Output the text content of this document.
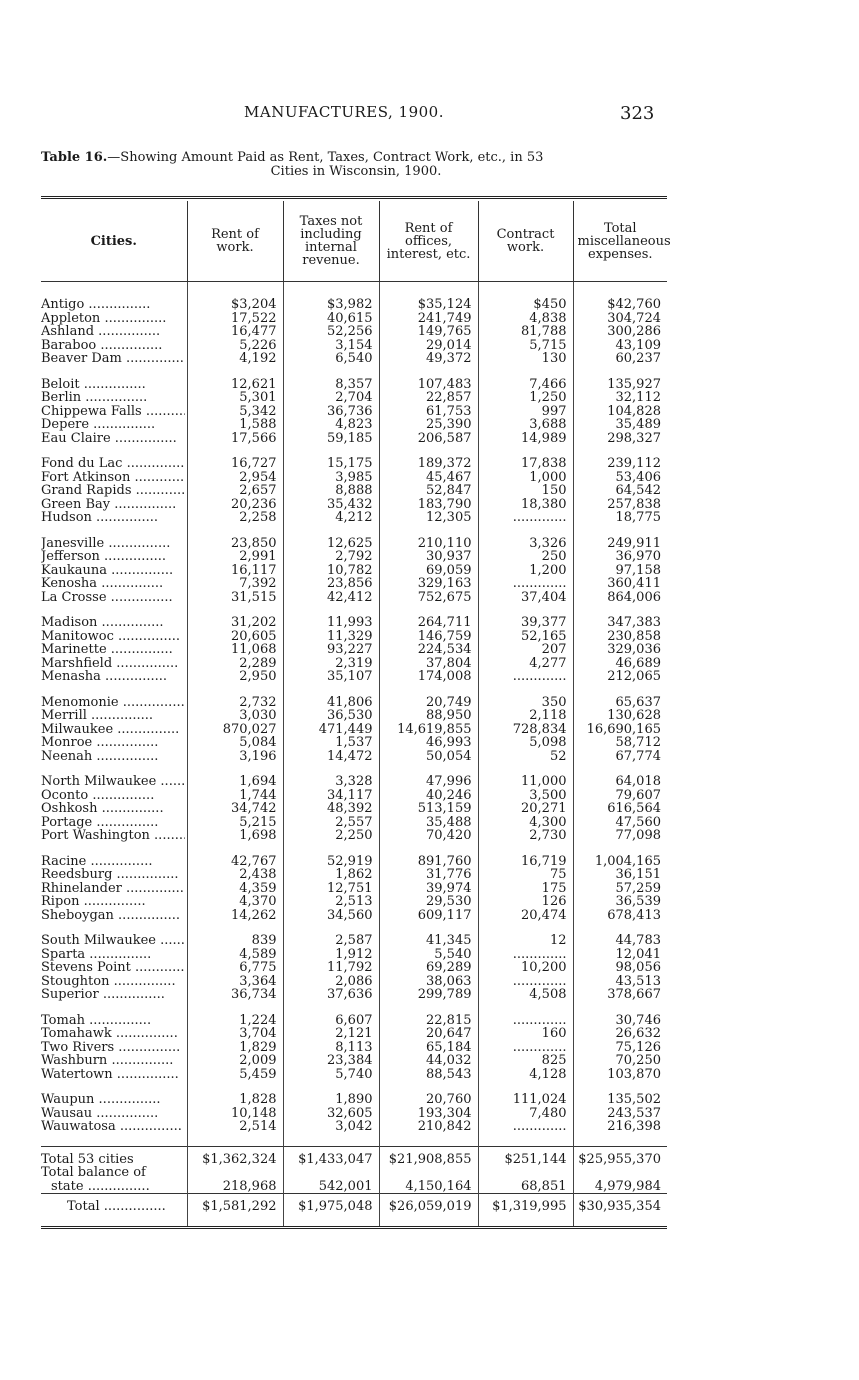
MANUFACTURES, 1900.	323
Table 16.—Showing Amount Paid as Rent, Taxes, Contract Work, etc., in 53
Cities in Wisconsin, 1900.

Cities.	Rent of work.	Taxes not including internal revenue.	Rent of offices, interest, etc.	Contract work.	Total miscellaneous expenses.

Antigo .....	$3,204	$3,982	$35,124	$450	$42,760

Appleton .....	17,522	40,615	241,749	4,838	304,724

Ashland .....	16,477	52,256	149,765	81,788	300,286

Baraboo .....	5,226	3,154	29,014	5,715	43,109

Beaver Dam .....	4,192	6,540	49,372	130	60,237

Beloit .....	12,621	8,357	107,483	7,466	135,927

Berlin .....	5,301	2,704	22,857	1,250	32,112

Chippewa Falls .....	5,342	36,736	61,753	997	104,828

Depere .....	1,588	4,823	25,390	3,688	35,489

Eau Claire .....	17,566	59,185	206,587	14,989	298,327

Fond du Lac .....	16,727	15,175	189,372	17,838	239,112

Fort Atkinson .....	2,954	3,985	45,467	1,000	53,406

Grand Rapids .....	2,657	8,888	52,847	150	64,542

Green Bay .....	20,236	35,432	183,790	18,380	257,838

Hudson .....	2,258	4,212	12,305	.............	18,775

Janesville .....	23,850	12,625	210,110	3,326	249,911

Jefferson .....	2,991	2,792	30,937	250	36,970

Kaukauna .....	16,117	10,782	69,059	1,200	97,158

Kenosha .....	7,392	23,856	329,163	.............	360,411

La Crosse .....	31,515	42,412	752,675	37,404	864,006

Madison .....	31,202	11,993	264,711	39,377	347,383

Manitowoc .....	20,605	11,329	146,759	52,165	230,858

Marinette .....	11,068	93,227	224,534	207	329,036

Marshfield .....	2,289	2,319	37,804	4,277	46,689

Menasha .....	2,950	35,107	174,008	.............	212,065

Menomonie .....	2,732	41,806	20,749	350	65,637

Merrill .....	3,030	36,530	88,950	2,118	130,628

Milwaukee .....	870,027	471,449	14,619,855	728,834	16,690,165

Monroe .....	5,084	1,537	46,993	5,098	58,712

Neenah .....	3,196	14,472	50,054	52	67,774

North Milwaukee .....	1,694	3,328	47,996	11,000	64,018

Oconto .....	1,744	34,117	40,246	3,500	79,607

Oshkosh .....	34,742	48,392	513,159	20,271	616,564

Portage .....	5,215	2,557	35,488	4,300	47,560

Port Washington .....	1,698	2,250	70,420	2,730	77,098

Racine .....	42,767	52,919	891,760	16,719	1,004,165

Reedsburg .....	2,438	1,862	31,776	75	36,151

Rhinelander .....	4,359	12,751	39,974	175	57,259

Ripon .....	4,370	2,513	29,530	126	36,539

Sheboygan .....	14,262	34,560	609,117	20,474	678,413

South Milwaukee .....	839	2,587	41,345	12	44,783

Sparta .....	4,589	1,912	5,540	.............	12,041

Stevens Point .....	6,775	11,792	69,289	10,200	98,056

Stoughton .....	3,364	2,086	38,063	.............	43,513

Superior .....	36,734	37,636	299,789	4,508	378,667

Tomah .....	1,224	6,607	22,815	.............	30,746

Tomahawk .....	3,704	2,121	20,647	160	26,632

Two Rivers .....	1,829	8,113	65,184	.............	75,126

Washburn .....	2,009	23,384	44,032	825	70,250

Watertown .....	5,459	5,740	88,543	4,128	103,870

Waupun .....	1,828	1,890	20,760	111,024	135,502

Wausau .....	10,148	32,605	193,304	7,480	243,537

Wauwatosa .....	2,514	3,042	210,842	.............	216,398

Total 53 cities	$1,362,324	$1,433,047	$21,908,855	$251,144	$25,955,370
Total balance of					

state .....	218,968	542,001	4,150,164	68,851	4,979,984

Total .....	$1,581,292	$1,975,048	$26,059,019	$1,319,995	$30,935,354
